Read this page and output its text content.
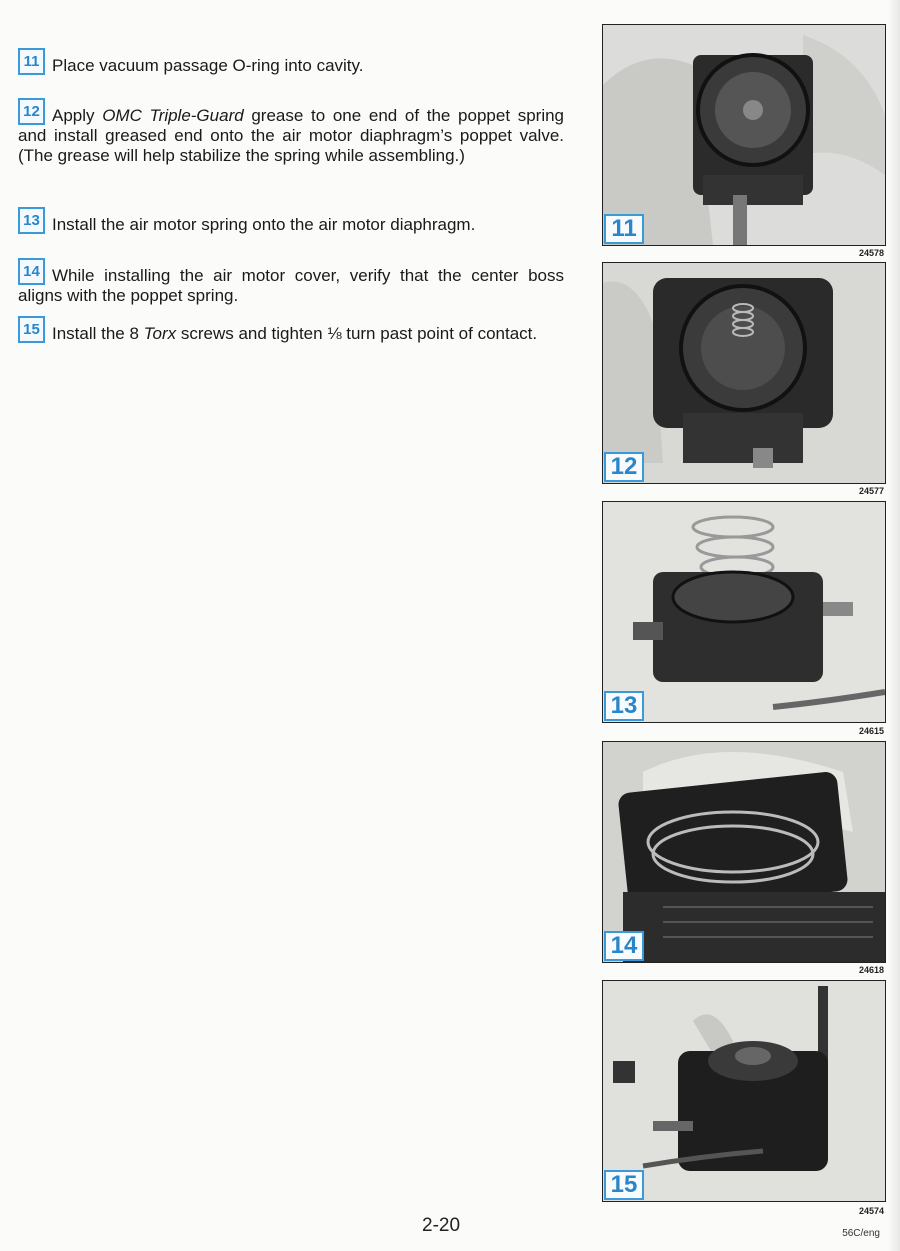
11 Place vacuum passage O-ring into cavity.
12 Apply OMC Triple-Guard grease to one end of the poppet spring and install greased end onto the air motor diaphragm’s poppet valve. (The grease will help stabilize the spring while assembling.)
13 Install the air motor spring onto the air motor diaphragm.
14 While installing the air motor cover, verify that the center boss aligns with the poppet spring.
15 Install the 8 Torx screws and tighten ⅛ turn past point of contact.
11
24578
12
24577
13
24615
14
24618
15
24574
2-20	56C/eng
